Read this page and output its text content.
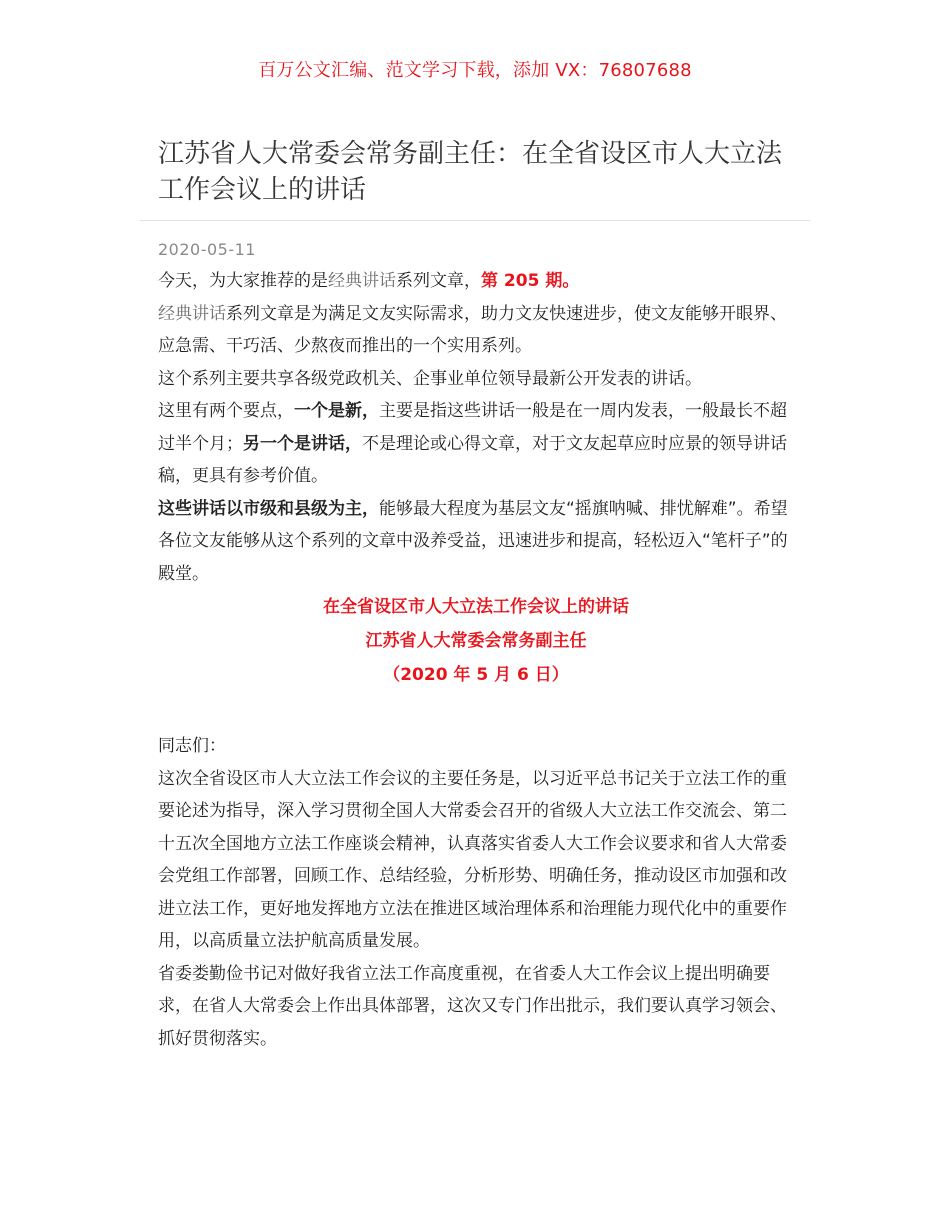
百万公文汇编、范文学习下载，添加 VX：76807688
江苏省人大常委会常务副主任：在全省设区市人大立法工作会议上的讲话
2020-05-11

今天，为大家推荐的是经典讲话系列文章，第 205 期。

经典讲话系列文章是为满足文友实际需求，助力文友快速进步，使文友能够开眼界、应急需、干巧活、少熬夜而推出的一个实用系列。

这个系列主要共享各级党政机关、企事业单位领导最新公开发表的讲话。

这里有两个要点，一个是新，主要是指这些讲话一般是在一周内发表，一般最长不超过半个月；另一个是讲话，不是理论或心得文章，对于文友起草应时应景的领导讲话稿，更具有参考价值。

这些讲话以市级和县级为主，能够最大程度为基层文友“摇旗呐喊、排忧解难”。希望各位文友能够从这个系列的文章中汲养受益，迅速进步和提高，轻松迈入“笔杆子”的殿堂。

在全省设区市人大立法工作会议上的讲话

江苏省人大常委会常务副主任

（2020 年 5 月 6 日）

同志们：

这次全省设区市人大立法工作会议的主要任务是，以习近平总书记关于立法工作的重要论述为指导，深入学习贯彻全国人大常委会召开的省级人大立法工作交流会、第二十五次全国地方立法工作座谈会精神，认真落实省委人大工作会议要求和省人大常委会党组工作部署，回顾工作、总结经验，分析形势、明确任务，推动设区市加强和改进立法工作，更好地发挥地方立法在推进区域治理体系和治理能力现代化中的重要作用，以高质量立法护航高质量发展。

省委娄勤俭书记对做好我省立法工作高度重视，在省委人大工作会议上提出明确要求，在省人大常委会上作出具体部署，这次又专门作出批示，我们要认真学习领会、抓好贯彻落实。
